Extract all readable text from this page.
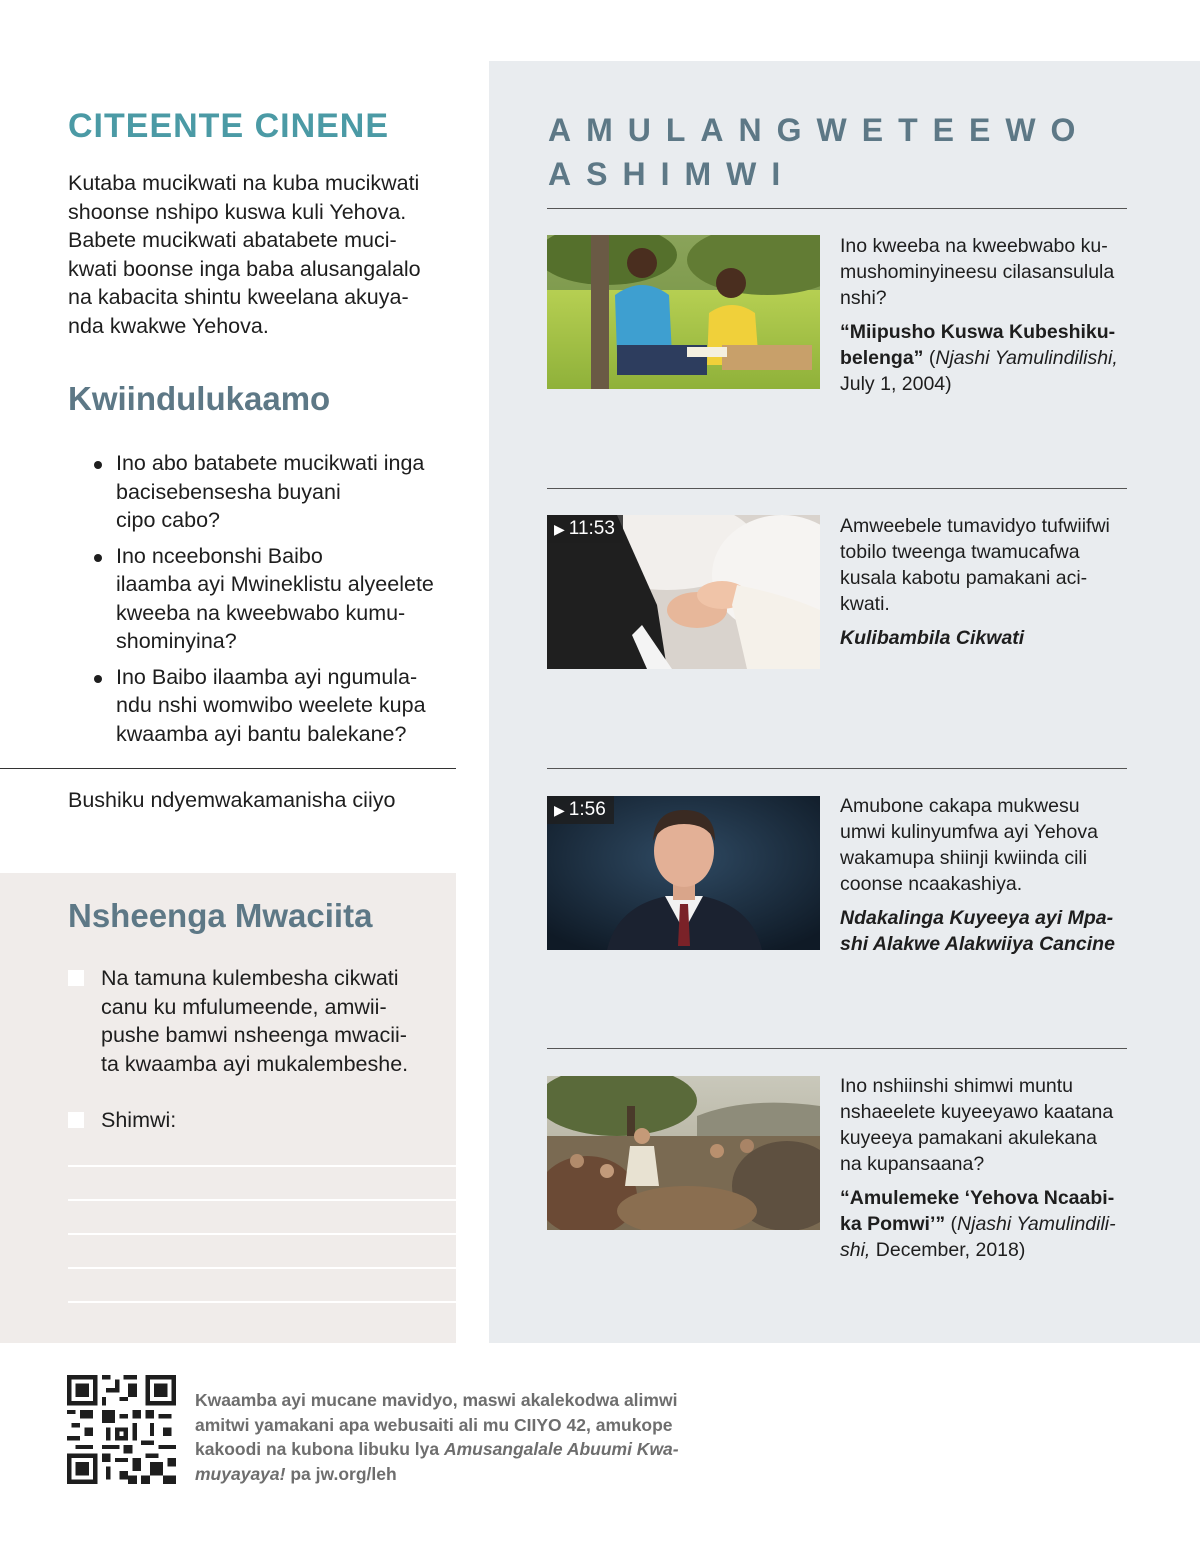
CITEENTE CINENE

Kutaba mucikwati na kuba mucikwati
shoonse nshipo kuswa kuli Yehova.
Babete mucikwati abatabete muci-
kwati boonse inga baba alusangalalo
na kabacita shintu kweelana akuya-
nda kwakwe Yehova.

Kwiindulukaamo
Ino abo batabete mucikwati inga
bacisebensesha buyani
cipo cabo?
Ino nceebonshi Baibo
ilaamba ayi Mwineklistu alyeelete
kweeba na kweebwabo kumu-
shominyina?
Ino Baibo ilaamba ayi ngumula-
ndu nshi womwibo weelete kupa
kwaamba ayi bantu balekane?
Bushiku ndyemwakamanisha ciiyo
Nsheenga Mwaciita
Na tamuna kulembesha cikwati
canu ku mfulumeende, amwii-
pushe bamwi nsheenga mwacii-
ta kwaamba ayi mukalembeshe.
Shimwi:
AMULANGWETEEWO
ASHIMWI
Ino kweeba na kweebwabo ku-
mushominyineesu cilasansulula
nshi?
“Miipusho Kuswa Kubeshiku-
belenga” (Njashi Yamulindilishi,
July 1, 2004)
▶ 11:53	Amweebele tumavidyo tufwiifwi
tobilo tweenga twamucafwa
kusala kabotu pamakani aci-
kwati.
Kulibambila Cikwati
▶ 1:56	Amubone cakapa mukwesu
umwi kulinyumfwa ayi Yehova
wakamupa shiinji kwiinda cili
coonse ncaakashiya.
Ndakalinga Kuyeeya ayi Mpa-
shi Alakwe Alakwiiya Cancine
Ino nshiinshi shimwi muntu
nshaeelete kuyeeyawo kaatana
kuyeeya pamakani akulekana
na kupansaana?
“Amulemeke ‘Yehova Ncaabi-
ka Pomwi’” (Njashi Yamulindili-
shi, December, 2018)
Kwaamba ayi mucane mavidyo, maswi akalekodwa alimwi
amitwi yamakani apa webusaiti ali mu CIIYO 42, amukope
kakoodi na kubona libuku lya Amusangalale Abuumi Kwa-
muyayaya! pa jw.org/leh
